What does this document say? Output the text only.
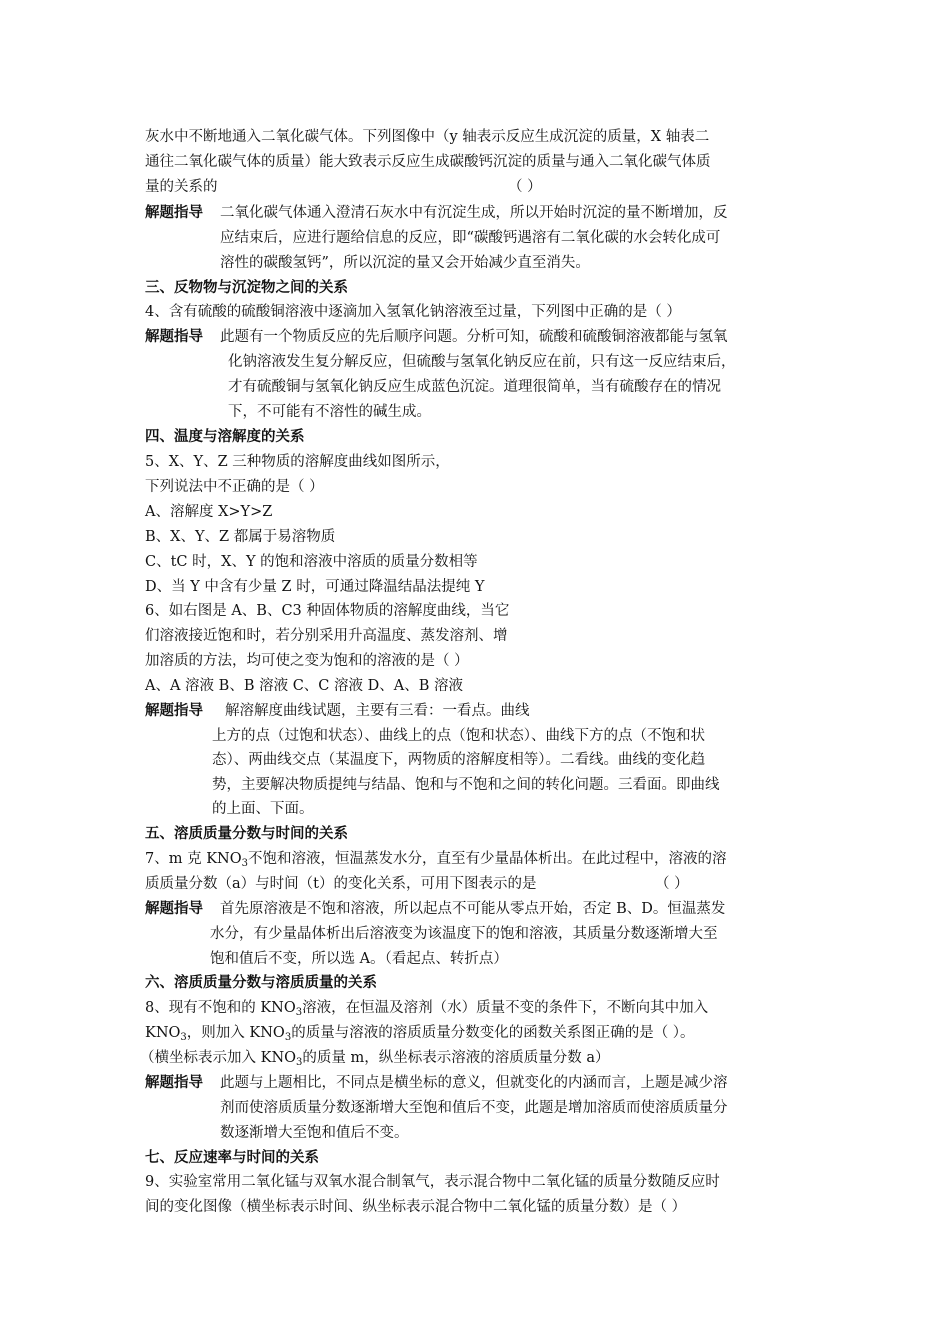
灰水中不断地通入二氧化碳气体。下列图像中（y 轴表示反应生成沉淀的质量，X 轴表二
通往二氧化碳气体的质量）能大致表示反应生成碳酸钙沉淀的质量与通入二氧化碳气体质
量的关系的	（ ）
解题指导 二氧化碳气体通入澄清石灰水中有沉淀生成，所以开始时沉淀的量不断增加，反
应结束后，应进行题给信息的反应，即“碳酸钙遇溶有二氧化碳的水会转化成可
溶性的碳酸氢钙”，所以沉淀的量又会开始减少直至消失。
三、反物物与沉淀物之间的关系
4、含有硫酸的硫酸铜溶液中逐滴加入氢氧化钠溶液至过量，下列图中正确的是（ ）
解题指导 此题有一个物质反应的先后顺序问题。分析可知，硫酸和硫酸铜溶液都能与氢氧
化钠溶液发生复分解反应，但硫酸与氢氧化钠反应在前，只有这一反应结束后，
才有硫酸铜与氢氧化钠反应生成蓝色沉淀。道理很简单，当有硫酸存在的情况
下，不可能有不溶性的碱生成。
四、温度与溶解度的关系
5、X、Y、Z 三种物质的溶解度曲线如图所示，
下列说法中不正确的是（ ）
A、溶解度 X>Y>Z
B、X、Y、Z 都属于易溶物质
C、tC 时，X、Y 的饱和溶液中溶质的质量分数相等
D、当 Y 中含有少量 Z 时，可通过降温结晶法提纯 Y
6、如右图是 A、B、C3 种固体物质的溶解度曲线，当它
们溶液接近饱和时，若分别采用升高温度、蒸发溶剂、增
加溶质的方法，均可使之变为饱和的溶液的是（ ）
A、A 溶液 B、B 溶液 C、C 溶液 D、A、B 溶液
解题指导 解溶解度曲线试题，主要有三看：一看点。曲线
上方的点（过饱和状态）、曲线上的点（饱和状态）、曲线下方的点（不饱和状
态）、两曲线交点（某温度下，两物质的溶解度相等）。二看线。曲线的变化趋
势，主要解决物质提纯与结晶、饱和与不饱和之间的转化问题。三看面。即曲线
的上面、下面。
五、溶质质量分数与时间的关系
7、m 克 $KNO_3$不饱和溶液，恒温蒸发水分，直至有少量晶体析出。在此过程中，溶液的溶
质质量分数（a）与时间（t）的变化关系，可用下图表示的是	（ ）
解题指导 首先原溶液是不饱和溶液，所以起点不可能从零点开始，否定 B、D。恒温蒸发
水分，有少量晶体析出后溶液变为该温度下的饱和溶液，其质量分数逐渐增大至
饱和值后不变，所以选 A。（看起点、转折点）
六、溶质质量分数与溶质质量的关系
8、现有不饱和的 $KNO_3$溶液，在恒温及溶剂（水）质量不变的条件下，不断向其中加入
$KNO_3$，则加入 $KNO_3$的质量与溶液的溶质质量分数变化的函数关系图正确的是（ ）。
（横坐标表示加入 $KNO_3$的质量 m，纵坐标表示溶液的溶质质量分数 a）
解题指导 此题与上题相比，不同点是横坐标的意义，但就变化的内涵而言，上题是减少溶
剂而使溶质质量分数逐渐增大至饱和值后不变，此题是增加溶质而使溶质质量分
数逐渐增大至饱和值后不变。
七、反应速率与时间的关系
9、实验室常用二氧化锰与双氧水混合制氧气，表示混合物中二氧化锰的质量分数随反应时
间的变化图像（横坐标表示时间、纵坐标表示混合物中二氧化锰的质量分数）是（ ）
